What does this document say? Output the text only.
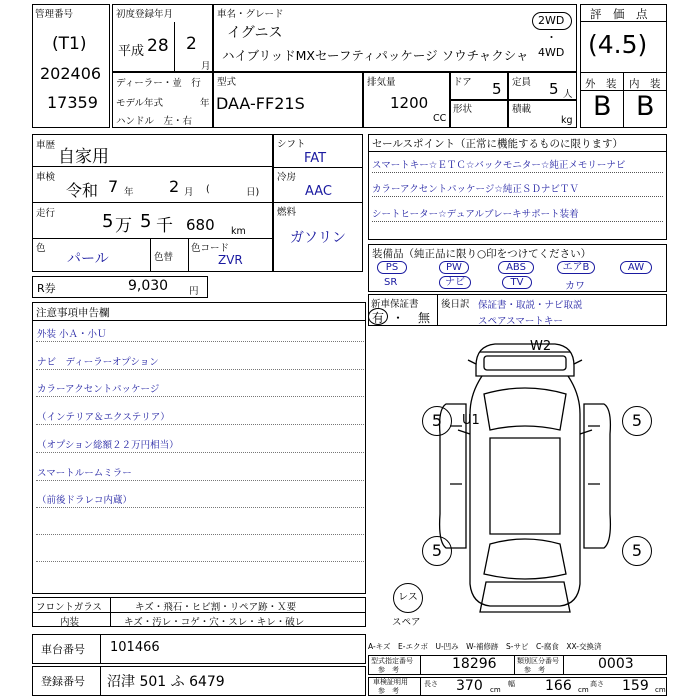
管理番号
(T1)
202406
17359
初度登録年月
平成 28 2
月
車名・グレード
イグニス
ハイブリッドMXセーフティパッケージ ソウチャクシャ
2WD
・
4WD
評　価　点
(4.5)
外　装 内　装
B B
ディーラー・並　行
モデル年式	年
ハンドル　左・右
型式
DAA-FF21S
排気量
1200
CC
ドア 5 定員 5 人
形状	積載
kg
車歴
自家用
車検
令和 7 年 2 月 (	日)
走行	5 万 5 千 680 km
色
パール	色替
色コード
ZVR
シフト
FAT
冷房
AAC
燃料
ガソリン
R券	9,030 円
セールスポイント（正常に機能するものに限ります）
スマートキー☆ＥＴＣ☆バックモニター☆純正メモリーナビ
カラーアクセントパッケージ☆純正ＳＤナビＴＶ
シートヒーター☆デュアルブレーキサポート装着
装備品（純正品に限り○印をつけてください）
PS	PW	ABS	エアB	AW
SR	ナビ	TV	カワ
新車保証書
有 ・ 無
後日訳 保証書・取説・ナビ取説
スペアスマートキー
注意事項申告欄
外装 小Ａ・小Ｕ
ナビ　ディーラーオプション
カラーアクセントパッケージ
（インテリア＆エクステリア）
（オプション総額２２万円相当）
スマートルームミラー
（前後ドラレコ内蔵）
W2
U1
5	5
5	5
レス
スペア
フロントガラス	キズ・飛石・ヒビ割・リペア跡・Ｘ要
内装	キズ・汚レ・コゲ・穴・スレ・キレ・破レ
車台番号 101466
登録番号 沼津 501 ふ 6479
A-キズ　E-エクボ　U-凹み　W-補修跡　S-サビ　C-腐食　XX-交換済
型式指定番号
参　考	18296	類別区分番号
参　考	0003
車検証明用
参　考
長さ 370 cm
幅 166 cm
高さ 159 cm
